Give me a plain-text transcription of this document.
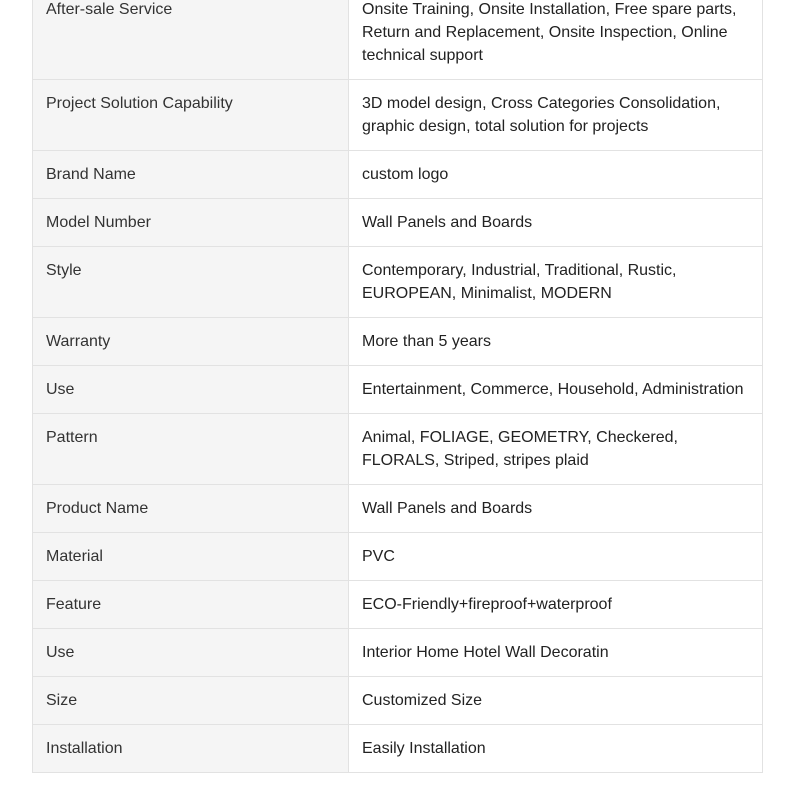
After-sale Service	Onsite Training, Onsite Installation, Free spare parts, Return and Replacement, Onsite Inspection, Online technical support
Project Solution Capability	3D model design, Cross Categories Consolidation, graphic design, total solution for projects
Brand Name	custom logo
Model Number	Wall Panels and Boards
Style	Contemporary, Industrial, Traditional, Rustic, EUROPEAN, Minimalist, MODERN
Warranty	More than 5 years
Use	Entertainment, Commerce, Household, Administration
Pattern	Animal, FOLIAGE, GEOMETRY, Checkered, FLORALS, Striped, stripes plaid
Product Name	Wall Panels and Boards
Material	PVC
Feature	ECO-Friendly+fireproof+waterproof
Use	Interior Home Hotel Wall Decoratin
Size	Customized Size
Installation	Easily Installation
